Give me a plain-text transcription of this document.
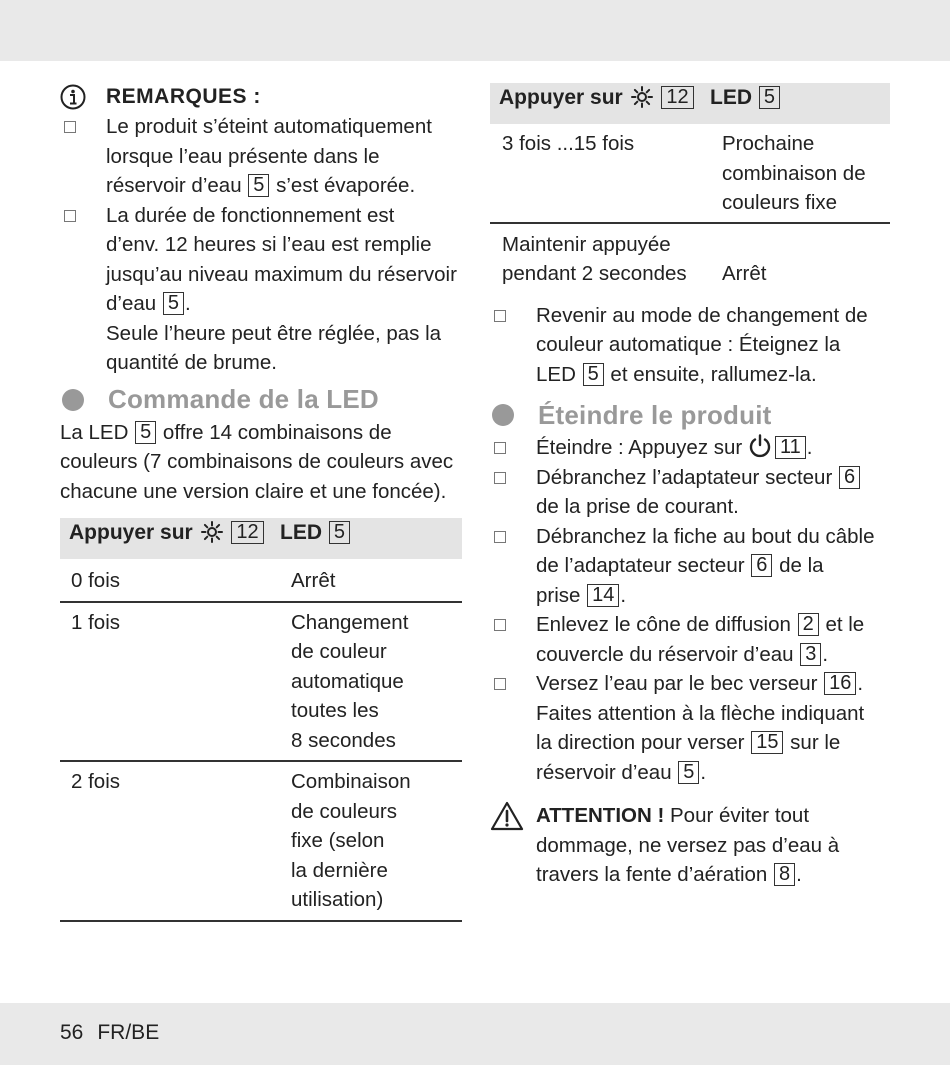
REMARQUES :
Le produit s’éteint automatiquement
lorsque l’eau présente dans le
réservoir d’eau 5 s’est évaporée.
La durée de fonctionnement est
d’env. 12 heures si l’eau est remplie
jusqu’au niveau maximum du réservoir
d’eau 5 .
Seule l’heure peut être réglée, pas la
quantité de brume.
Commande de la LED
La LED 5 offre 14 combinaisons de
couleurs (7 combinaisons de couleurs avec
chacune une version claire et une foncée).
Appuyer sur 12	LED 5
0 fois	Arrêt
1 fois	Changement
de couleur
automatique
toutes les
8 secondes

2 fois	Combinaison
de couleurs
fixe (selon
la dernière
utilisation)
Appuyer sur 12	LED 5
3 fois ...15 fois	Prochaine
combinaison de
couleurs fixe

Maintenir appuyée
pendant 2 secondes	Arrêt
Revenir au mode de changement de
couleur automatique : Éteignez la
LED 5 et ensuite, rallumez-la.
Éteindre le produit
Éteindre : Appuyez sur 11 .
Débranchez l’adaptateur secteur 6
de la prise de courant.
Débranchez la fiche au bout du câble
de l’adaptateur secteur 6 de la
prise 14 .
Enlevez le cône de diffusion 2 et le
couvercle du réservoir d’eau 3 .
Versez l’eau par le bec verseur 16 .
Faites attention à la flèche indiquant
la direction pour verser 15 sur le
réservoir d’eau 5 .
ATTENTION ! Pour éviter tout
dommage, ne versez pas d’eau à
travers la fente d’aération 8 .
56 FR/BE
